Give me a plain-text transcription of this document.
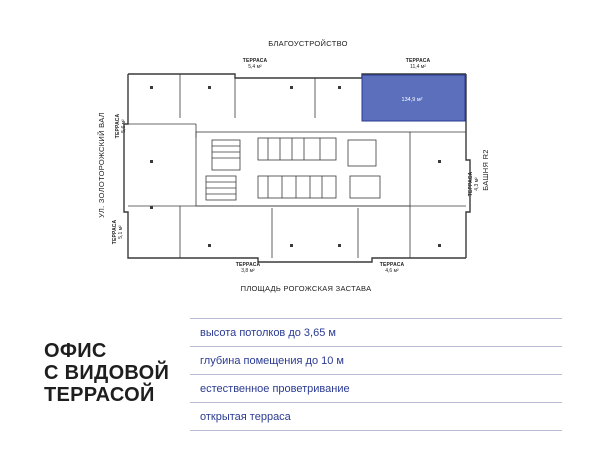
БЛАГОУСТРОЙСТВО
ПЛОЩАДЬ РОГОЖСКАЯ ЗАСТАВА
УЛ. ЗОЛОТОРОЖСКИЙ ВАЛ	БАШНЯ R2
ТЕРРАСА
5,4 м²
ТЕРРАСА
11,4 м²
ТЕРРАСА 5,6 м²
ТЕРРАСА 4,3 м²
ТЕРРАСА 5,1 м²
ТЕРРАСА
3,8 м²
ТЕРРАСА
4,6 м²
134,9 м²
ОФИС
С ВИДОВОЙ
ТЕРРАСОЙ
высота потолков до 3,65 м
глубина помещения до 10 м
естественное проветривание
открытая терраса
